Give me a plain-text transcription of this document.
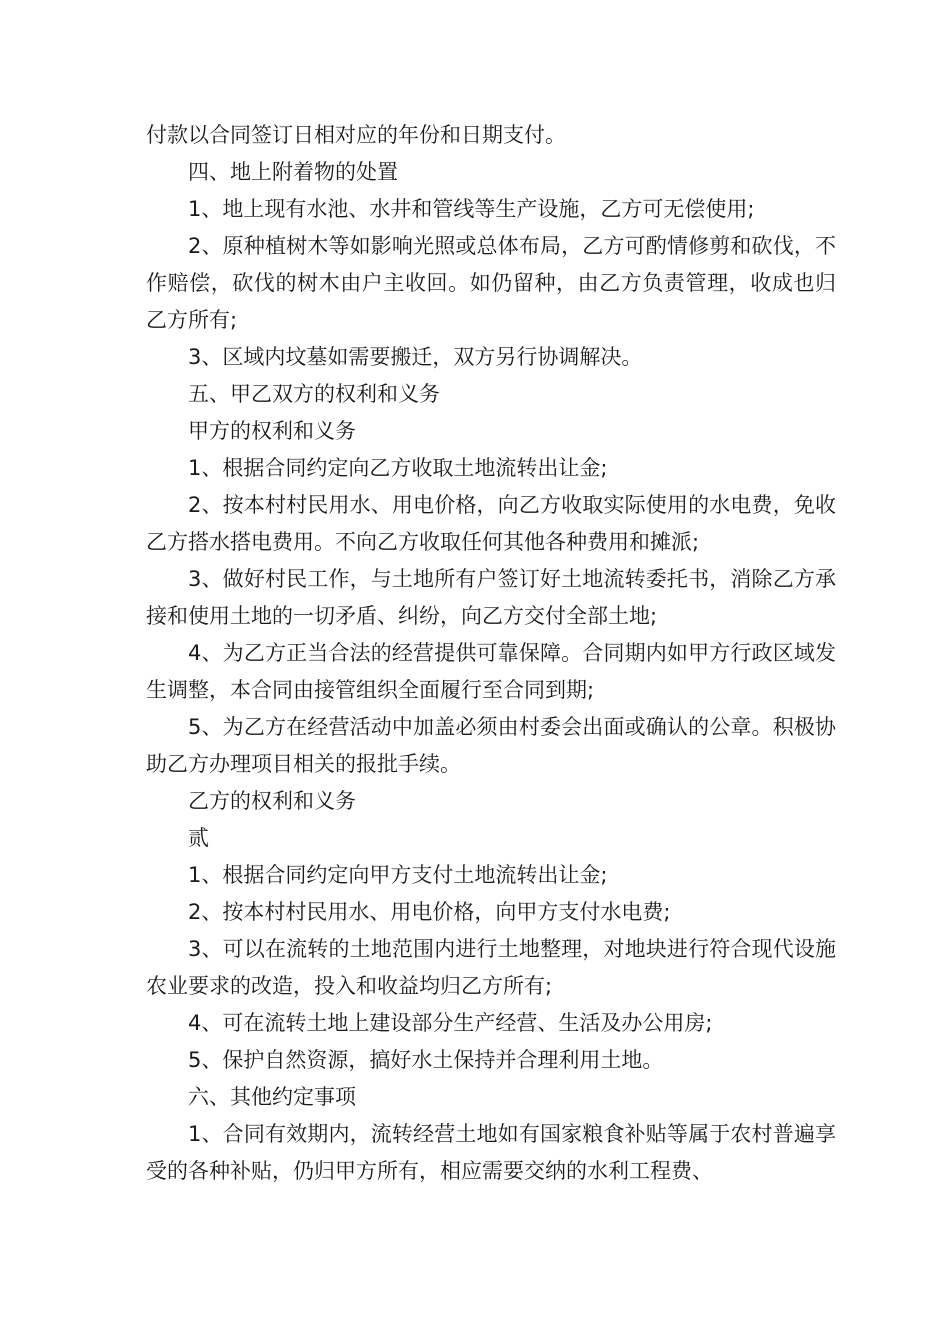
付款以合同签订日相对应的年份和日期支付。

四、地上附着物的处置

1、地上现有水池、水井和管线等生产设施，乙方可无偿使用;

2、原种植树木等如影响光照或总体布局，乙方可酌情修剪和砍伐，不作赔偿，砍伐的树木由户主收回。如仍留种，由乙方负责管理，收成也归乙方所有;

3、区域内坟墓如需要搬迁，双方另行协调解决。

五、甲乙双方的权利和义务

甲方的权利和义务

1、根据合同约定向乙方收取土地流转出让金;

2、按本村村民用水、用电价格，向乙方收取实际使用的水电费，免收乙方搭水搭电费用。不向乙方收取任何其他各种费用和摊派;

3、做好村民工作，与土地所有户签订好土地流转委托书，消除乙方承接和使用土地的一切矛盾、纠纷，向乙方交付全部土地;

4、为乙方正当合法的经营提供可靠保障。合同期内如甲方行政区域发生调整，本合同由接管组织全面履行至合同到期;

5、为乙方在经营活动中加盖必须由村委会出面或确认的公章。积极协助乙方办理项目相关的报批手续。

乙方的权利和义务

贰

1、根据合同约定向甲方支付土地流转出让金;

2、按本村村民用水、用电价格，向甲方支付水电费;

3、可以在流转的土地范围内进行土地整理，对地块进行符合现代设施农业要求的改造，投入和收益均归乙方所有;

4、可在流转土地上建设部分生产经营、生活及办公用房;

5、保护自然资源，搞好水土保持并合理利用土地。

六、其他约定事项

1、合同有效期内，流转经营土地如有国家粮食补贴等属于农村普遍享受的各种补贴，仍归甲方所有，相应需要交纳的水利工程费、
